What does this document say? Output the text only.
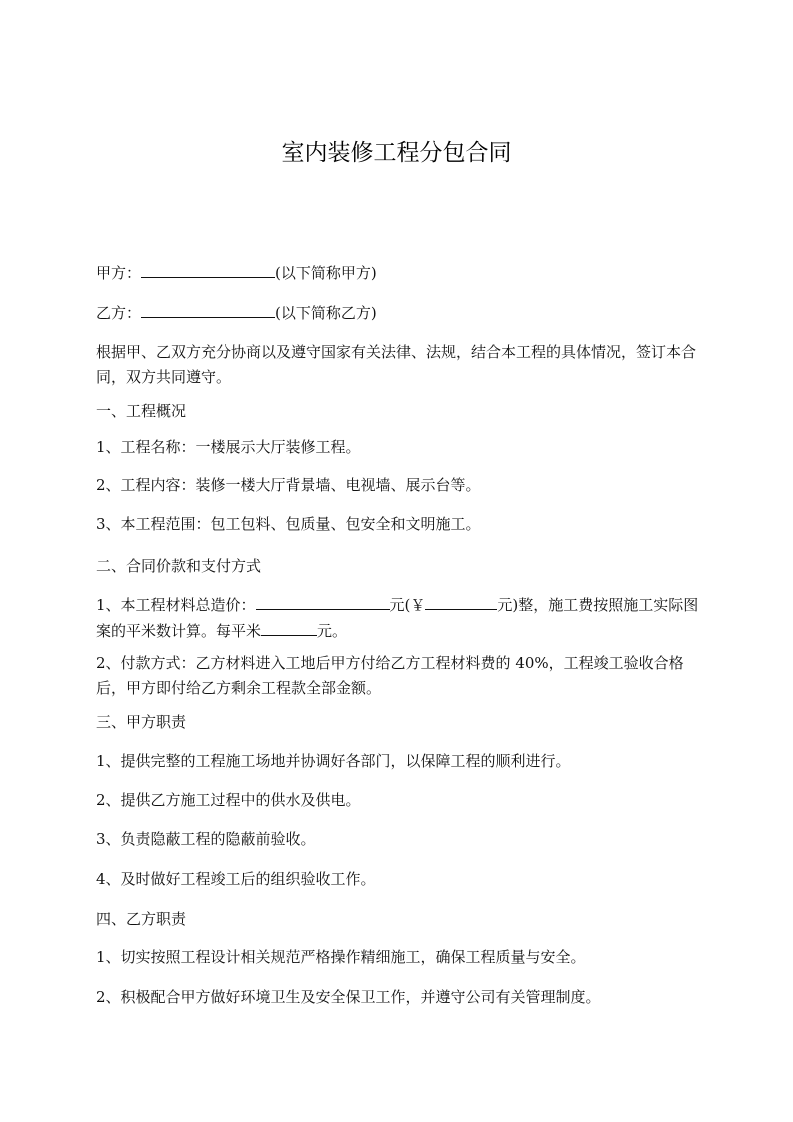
室内装修工程分包合同
甲方：	(以下简称甲方)
乙方：	(以下简称乙方)
根据甲、乙双方充分协商以及遵守国家有关法律、法规，结合本工程的具体情况，签订本合同，双方共同遵守。
一、工程概况
1、工程名称：一楼展示大厅装修工程。
2、工程内容：装修一楼大厅背景墙、电视墙、展示台等。
3、本工程范围：包工包料、包质量、包安全和文明施工。
二、合同价款和支付方式
1、本工程材料总造价：	元(￥	元)整，施工费按照施工实际图案的平米数计算。每平米	元。
2、付款方式：乙方材料进入工地后甲方付给乙方工程材料费的 40%，工程竣工验收合格后，甲方即付给乙方剩余工程款全部金额。
三、甲方职责
1、提供完整的工程施工场地并协调好各部门，以保障工程的顺利进行。
2、提供乙方施工过程中的供水及供电。
3、负责隐蔽工程的隐蔽前验收。
4、及时做好工程竣工后的组织验收工作。
四、乙方职责
1、切实按照工程设计相关规范严格操作精细施工，确保工程质量与安全。
2、积极配合甲方做好环境卫生及安全保卫工作，并遵守公司有关管理制度。
